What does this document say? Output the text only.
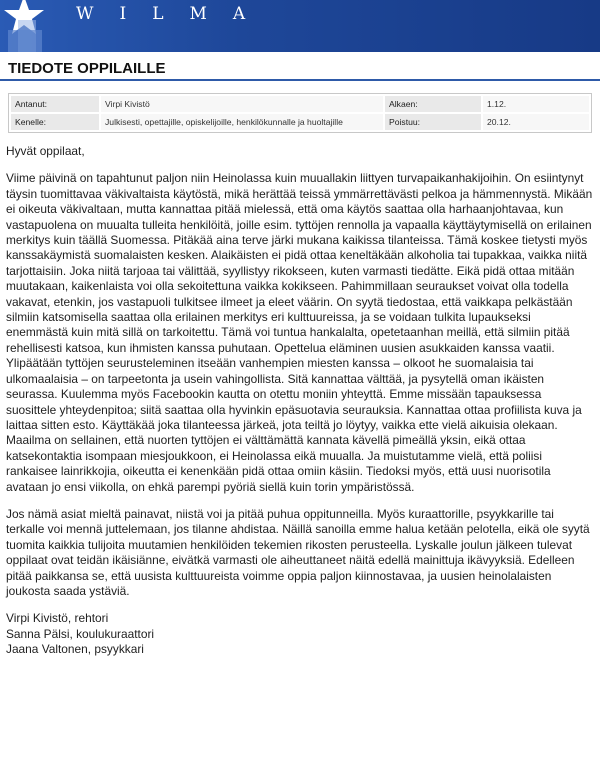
WILMA
TIEDOTE OPPILAILLE
Antanut:	Virpi Kivistö	Alkaen:	1.12.
Kenelle:	Julkisesti, opettajille, opiskelijoille, henkilökunnalle ja huoltajille	Poistuu:	20.12.

Hyvät oppilaat,

Viime päivinä on tapahtunut paljon niin Heinolassa kuin muuallakin liittyen turvapaikanhakijoihin. On esiintynyt täysin tuomittavaa väkivaltaista käytöstä, mikä herättää teissä ymmärrettävästi pelkoa ja hämmennystä. Mikään ei oikeuta väkivaltaan, mutta kannattaa pitää mielessä, että oma käytös saattaa olla harhaanjohtavaa, kun vastapuolena on muualta tulleita henkilöitä, joille esim. tyttöjen rennolla ja vapaalla käyttäytymisellä on erilainen merkitys kuin täällä Suomessa. Pitäkää aina terve järki mukana kaikissa tilanteissa. Tämä koskee tietysti myös kanssakäymistä suomalaisten kesken. Alaikäisten ei pidä ottaa keneltäkään alkoholia tai tupakkaa, vaikka niitä tarjottaisiin. Joka niitä tarjoaa tai välittää, syyllistyy rikokseen, kuten varmasti tiedätte. Eikä pidä ottaa mitään muutakaan, kaikenlaista voi olla sekoitettuna vaikka kokikseen. Pahimmillaan seuraukset voivat olla todella vakavat, etenkin, jos vastapuoli tulkitsee ilmeet ja eleet väärin. On syytä tiedostaa, että vaikkapa pelkästään silmiin katsomisella saattaa olla erilainen merkitys eri kulttuureissa, ja se voidaan tulkita lupaukseksi enemmästä kuin mitä sillä on tarkoitettu. Tämä voi tuntua hankalalta, opetetaanhan meillä, että silmiin pitää rehellisesti katsoa, kun ihmisten kanssa puhutaan. Opettelua eläminen uusien asukkaiden kanssa vaatii. Ylipäätään tyttöjen seurusteleminen itseään vanhempien miesten kanssa – olkoot he suomalaisia tai ulkomaalaisia – on tarpeetonta ja usein vahingollista. Sitä kannattaa välttää, ja pysytellä oman ikäisten seurassa. Kuulemma myös Facebookin kautta on otettu moniin yhteyttä. Emme missään tapauksessa suosittele yhteydenpitoa; siitä saattaa olla hyvinkin epäsuotavia seurauksia. Kannattaa ottaa profiilista kuva ja laittaa sitten esto. Käyttäkää joka tilanteessa järkeä, jota teiltä jo löytyy, vaikka ette vielä aikuisia olekaan. Maailma on sellainen, että nuorten tyttöjen ei välttämättä kannata kävellä pimeällä yksin, eikä ottaa katsekontaktia isompaan miesjoukkoon, ei Heinolassa eikä muualla. Ja muistutamme vielä, että poliisi rankaisee lainrikkojia, oikeutta ei kenenkään pidä ottaa omiin käsiin. Tiedoksi myös, että uusi nuorisotila avataan jo ensi viikolla, on ehkä parempi pyöriä siellä kuin torin ympäristössä.

Jos nämä asiat mieltä painavat, niistä voi ja pitää puhua oppitunneilla. Myös kuraattorille, psyykkarille tai terkalle voi mennä juttelemaan, jos tilanne ahdistaa. Näillä sanoilla emme halua ketään pelotella, eikä ole syytä tuomita kaikkia tulijoita muutamien henkilöiden tekemien rikosten perusteella. Lyskalle joulun jälkeen tulevat oppilaat ovat teidän ikäisiänne, eivätkä varmasti ole aiheuttaneet näitä edellä mainittuja ikävyyksiä. Edelleen pitää paikkansa se, että uusista kulttuureista voimme oppia paljon kiinnostavaa, ja uusien heinolalaisten joukosta saada ystäviä.

Virpi Kivistö, rehtori

Sanna Pälsi, koulukuraattori

Jaana Valtonen, psyykkari
